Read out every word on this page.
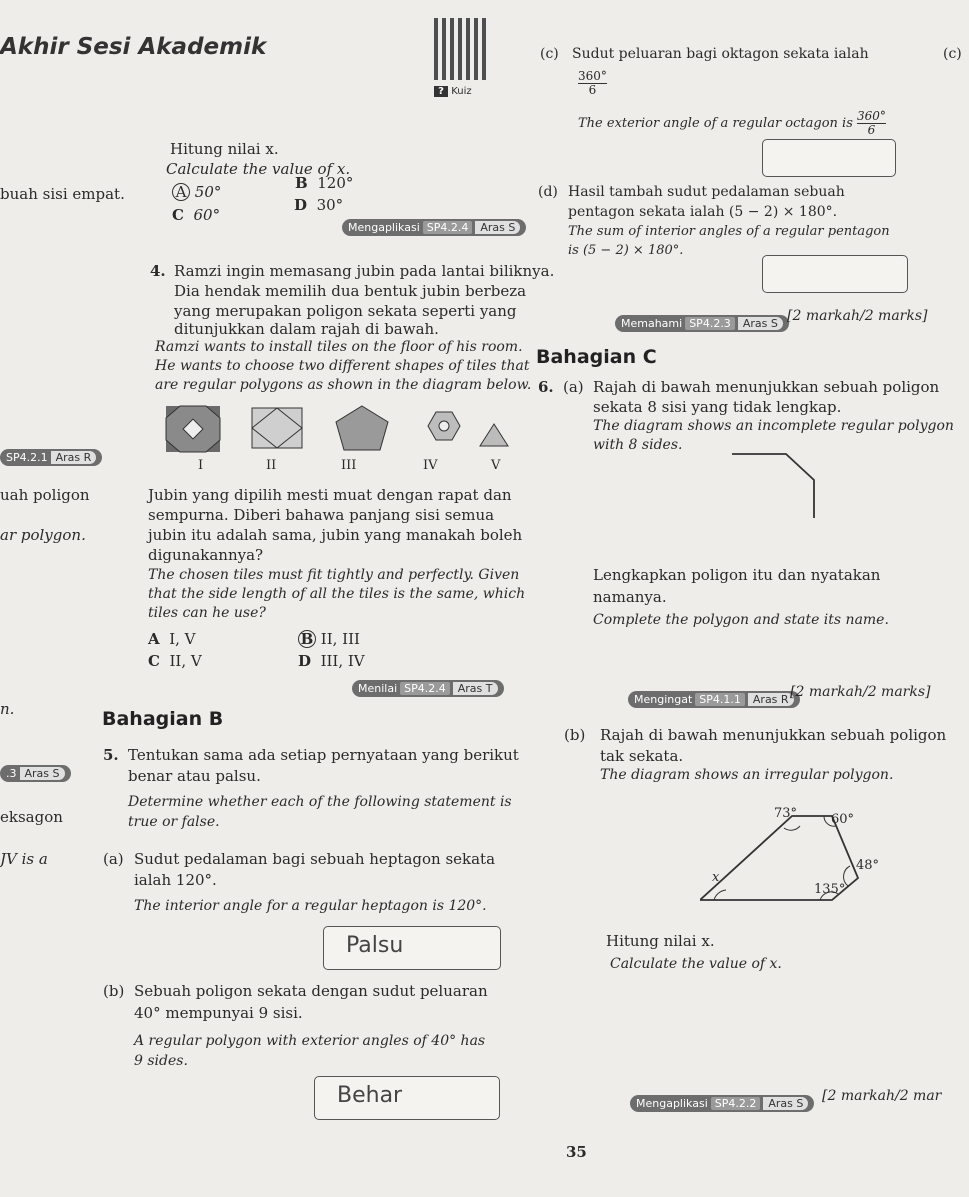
Akhir Sesi Akademik
? Kuiz
buah sisi empat.
SP4.2.1 Aras R
uah poligon
ar polygon.
n.
.3 Aras S
eksagon
JV is a
Hitung nilai x.
Calculate the value of x.
A 50°	B 120°
C 60°
D 30°
Mengaplikasi SP4.2.4 Aras S
4. Ramzi ingin memasang jubin pada lantai biliknya.
Dia hendak memilih dua bentuk jubin berbeza
yang merupakan poligon sekata seperti yang
ditunjukkan dalam rajah di bawah.
Ramzi wants to install tiles on the floor of his room.
He wants to choose two different shapes of tiles that
are regular polygons as shown in the diagram below.
I	II	III	IV	V
Jubin yang dipilih mesti muat dengan rapat dan
sempurna. Diberi bahawa panjang sisi semua
jubin itu adalah sama, jubin yang manakah boleh
digunakannya?
The chosen tiles must fit tightly and perfectly. Given
that the side length of all the tiles is the same, which
tiles can he use?
A I, V	B II, III
C II, V	D III, IV
Menilai SP4.2.4 Aras T
Bahagian B
5. Tentukan sama ada setiap pernyataan yang berikut
benar atau palsu.
Determine whether each of the following statement is
true or false.
(a) Sudut pedalaman bagi sebuah heptagon sekata
ialah 120°.
The interior angle for a regular heptagon is 120°.
Palsu
(b) Sebuah poligon sekata dengan sudut peluaran
40° mempunyai 9 sisi.
A regular polygon with exterior angles of 40° has
9 sides.
Behar
(c) Sudut peluaran bagi oktagon sekata ialah	(c)
$\frac{360^\circ}{6}$
The exterior angle of a regular octagon is $\frac{360^\circ}{6}$
(d) Hasil tambah sudut pedalaman sebuah
pentagon sekata ialah (5 − 2) × 180°.
The sum of interior angles of a regular pentagon
is (5 − 2) × 180°.
Memahami SP4.2.3 Aras S [2 markah/2 marks]
Bahagian C
6. (a) Rajah di bawah menunjukkan sebuah poligon
sekata 8 sisi yang tidak lengkap.
The diagram shows an incomplete regular polygon
with 8 sides.
Lengkapkan poligon itu dan nyatakan
namanya.
Complete the polygon and state its name.
Mengingat SP4.1.1 Aras R [2 markah/2 marks]
(b) Rajah di bawah menunjukkan sebuah poligon
tak sekata.
The diagram shows an irregular polygon.
73°	60°
48°
x
135°
Hitung nilai x.
Calculate the value of x.
Mengaplikasi SP4.2.2 Aras S	[2 markah/2 mar
35
